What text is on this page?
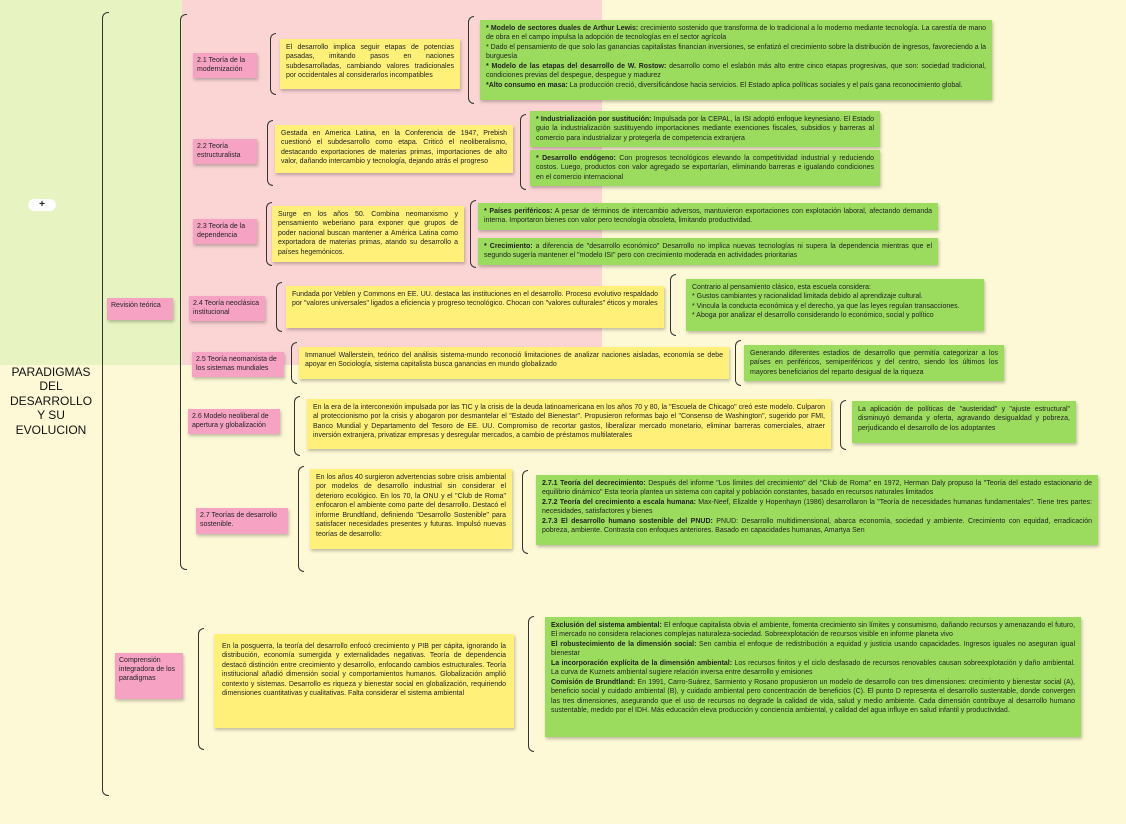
+
PARADIGMAS DEL DESARROLLO Y SU EVOLUCION
Revisión teórica
Comprensión integradora de los paradigmas
2.1 Teoría de la modernización
El desarrollo implica seguir etapas de potencias pasadas, imitando pasos en naciones subdesarrolladas, cambiando valores tradicionales por occidentales al considerarlos incompatibles

* Modelo de sectores duales de Arthur Lewis: crecimiento sostenido que transforma de lo tradicional a lo moderno mediante tecnología. La carestía de mano de obra en el campo impulsa la adopción de tecnologías en el sector agrícola

* Dado el pensamiento de que solo las ganancias capitalistas financian inversiones, se enfatizó el crecimiento sobre la distribución de ingresos, favoreciendo a la burguesía

* Modelo de las etapas del desarrollo de W. Rostow: desarrollo como el eslabón más alto entre cinco etapas progresivas, que son: sociedad tradicional, condiciones previas del despegue, despegue y madurez

*Alto consumo en masa: La producción creció, diversificándose hacia servicios. El Estado aplica políticas sociales y el país gana reconocimiento global.

2.2 Teoría estructuralista
Gestada en America Latina, en la Conferencia de 1947, Prebish cuestionó el subdesarrollo como etapa. Criticó el neoliberalismo, destacando exportaciones de materias primas, importaciones de alto valor, dañando intercambio y tecnología, dejando atrás el progreso
* Industrialización por sustitución: Impulsada por la CEPAL, la ISI adoptó enfoque keynesiano. El Estado guio la industrialización sustituyendo importaciones mediante exenciones fiscales, subsidios y barreras al comercio para industrializar y protegerla de competencia extranjera
* Desarrollo endógeno: Con progresos tecnológicos elevando la competitividad industrial y reduciendo costos. Luego, productos con valor agregado se exportarían, eliminando barreras e igualando condiciones en el comercio internacional
2.3 Teoría de la dependencia
Surge en los años 50. Combina neomarxismo y pensamiento weberiano para exponer que grupos de poder nacional buscan mantener a América Latina como exportadora de materias primas, atando su desarrollo a países hegemónicos.
* Países periféricos: A pesar de términos de intercambio adversos, mantuvieron exportaciones con explotación laboral, afectando demanda interna. Importaron bienes con valor pero tecnología obsoleta, limitando productividad.
* Crecimiento: a diferencia de "desarrollo económico" Desarrollo no implica nuevas tecnologías ni supera la dependencia mientras que el segundo sugería mantener el "modelo ISI" pero con crecimiento moderada en actividades prioritarias
2.4 Teoría neoclásica institucional
Fundada por Veblen y Commons en EE. UU. destaca las instituciones en el desarrollo. Proceso evolutivo respaldado por "valores universales" ligados a eficiencia y progreso tecnológico. Chocan con "valores culturales" éticos y morales

Contrario al pensamiento clásico, esta escuela considera:

* Gustos cambiantes y racionalidad limitada debido al aprendizaje cultural.

* Vincula la conducta económica y el derecho, ya que las leyes regulan transacciones.

* Aboga por analizar el desarrollo considerando lo económico, social y político

2.5 Teoría neomarxista de los sistemas mundiales
Immanuel Wallerstein, teórico del análisis sistema-mundo reconoció limitaciones de analizar naciones aisladas, economía se debe apoyar en Sociología, sistema capitalista busca ganancias en mundo globalizado
Generando diferentes estadios de desarrollo que permitía categorizar a los países en periféricos, semiperiféricos y del centro, siendo los últimos los mayores beneficiarios del reparto desigual de la riqueza
2.6 Modelo neoliberal de apertura y globalización
En la era de la interconexión impulsada por las TIC y la crisis de la deuda latinoamericana en los años 70 y 80, la "Escuela de Chicago" creó este modelo. Culparon al proteccionismo por la crisis y abogaron por desmantelar el "Estado del Bienestar". Propusieron reformas bajo el "Consenso de Washington", sugerido por FMI, Banco Mundial y Departamento del Tesoro de EE. UU. Compromiso de recortar gastos, liberalizar mercado monetario, eliminar barreras comerciales, atraer inversión extranjera, privatizar empresas y desregular mercados, a cambio de préstamos multilaterales
La aplicación de políticas de "austeridad" y "ajuste estructural" disminuyó demanda y oferta, agravando desigualdad y pobreza, perjudicando el desarrollo de los adoptantes
2.7 Teorías de desarrollo sostenible.
En los años 40 surgieron advertencias sobre crisis ambiental por modelos de desarrollo industrial sin considerar el deterioro ecológico. En los 70, la ONU y el "Club de Roma" enfocaron el ambiente como parte del desarrollo. Destacó el informe Brundtland, definiendo "Desarrollo Sostenible" para satisfacer necesidades presentes y futuras. Impulsó nuevas teorías de desarrollo:

2.7.1 Teoría del decrecimiento: Después del informe "Los límites del crecimiento" del "Club de Roma" en 1972, Herman Daly propuso la "Teoría del estado estacionario de equilibrio dinámico" Esta teoría plantea un sistema con capital y población constantes, basado en recursos naturales limitados

2.7.2 Teoría del crecimiento a escala humana: Max-Neef, Elizalde y Hopenhayn (1986) desarrollaron la "Teoría de necesidades humanas fundamentales". Tiene tres partes: necesidades, satisfactores y bienes

2.7.3 El desarrollo humano sostenible del PNUD: PNUD: Desarrollo multidimensional, abarca economía, sociedad y ambiente. Crecimiento con equidad, erradicación pobreza, ambiente. Contrasta con enfoques anteriores. Basado en capacidades humanas, Amartya Sen

En la posguerra, la teoría del desarrollo enfocó crecimiento y PIB per cápita, ignorando la distribución, economía sumergida y externalidades negativas. Teoría de dependencia destacó distinción entre crecimiento y desarrollo, enfocando cambios estructurales. Teoría institucional añadió dimensión social y comportamientos humanos. Globalización amplió contexto y sistemas. Desarrollo es riqueza y bienestar social en globalización, requiriendo dimensiones cuantitativas y cualitativas. Falta considerar el sistema ambiental

Exclusión del sistema ambiental: El enfoque capitalista obvia el ambiente, fomenta crecimiento sin límites y consumismo, dañando recursos y amenazando el futuro, El mercado no considera relaciones complejas naturaleza-sociedad. Sobreexplotación de recursos visible en informe planeta vivo

El robustecimiento de la dimensión social: Sen cambia el enfoque de redistribución a equidad y justicia usando capacidades. Ingresos iguales no aseguran igual bienestar

La incorporación explícita de la dimensión ambiental: Los recursos finitos y el ciclo desfasado de recursos renovables causan sobreexplotación y daño ambiental. La curva de Kuznets ambiental sugiere relación inversa entre desarrollo y emisiones

Comisión de Brundtland: En 1991, Carro-Suárez, Sarmiento y Rosano propusieron un modelo de desarrollo con tres dimensiones: crecimiento y bienestar social (A), beneficio social y cuidado ambiental (B), y cuidado ambiental pero concentración de beneficios (C). El punto D representa el desarrollo sustentable, donde convergen las tres dimensiones, asegurando que el uso de recursos no degrade la calidad de vida, salud y medio ambiente. Cada dimensión contribuye al desarrollo humano sustentable, medido por el IDH. Más educación eleva producción y conciencia ambiental, y calidad del agua influye en salud infantil y productividad.
